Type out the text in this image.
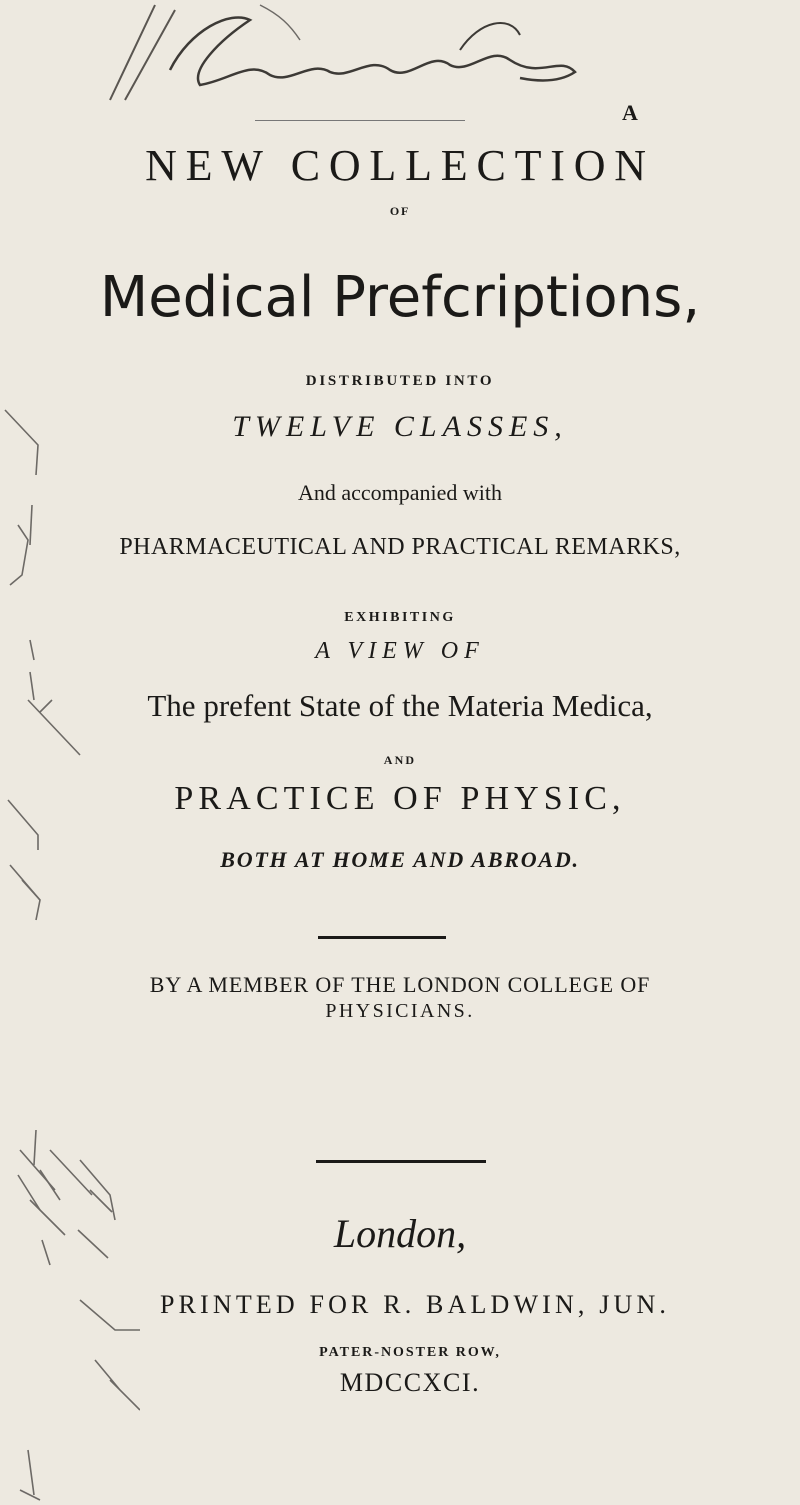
A
NEW COLLECTION
OF
Medical Prefcriptions,
DISTRIBUTED INTO
TWELVE CLASSES,
And accompanied with
PHARMACEUTICAL AND PRACTICAL REMARKS,
EXHIBITING
A VIEW OF
The prefent State of the Materia Medica,
AND
PRACTICE OF PHYSIC,
BOTH AT HOME AND ABROAD.
BY A MEMBER OF THE LONDON COLLEGE OF
PHYSICIANS.
London,
PRINTED FOR R. BALDWIN, JUN.
PATER-NOSTER ROW,
MDCCXCI.
